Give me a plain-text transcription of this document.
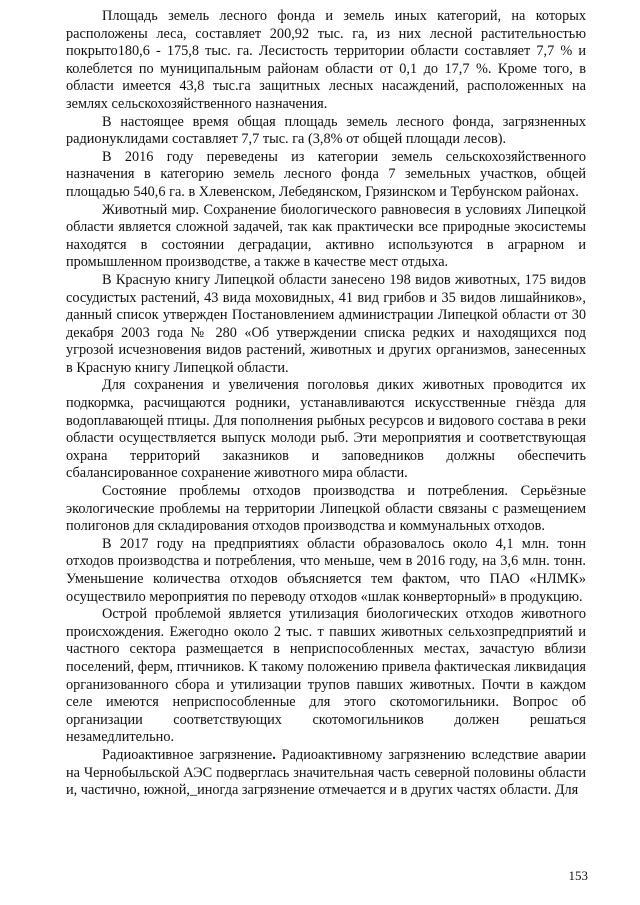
Площадь земель лесного фонда и земель иных категорий, на которых расположены леса, составляет 200,92 тыс. га, из них лесной растительностью покрыто180,6 - 175,8 тыс. га. Лесистость территории области составляет 7,7 % и колеблется по муниципальным районам области от 0,1 до 17,7 %. Кроме того, в области имеется 43,8 тыс.га защитных лесных насаждений, расположенных на землях сельскохозяйственного назначения.

В настоящее время общая площадь земель лесного фонда, загрязненных радионуклидами составляет 7,7 тыс. га (3,8% от общей площади лесов).

В 2016 году переведены из категории земель сельскохозяйственного назначения в категорию земель лесного фонда 7 земельных участков, общей площадью 540,6 га. в Хлевенском, Лебедянском, Грязинском и Тербунском районах.

Животный мир. Сохранение биологического равновесия в условиях Липецкой области является сложной задачей, так как практически все природные экосистемы находятся в состоянии деградации, активно используются в аграрном и промышленном производстве, а также в качестве мест отдыха.

В Красную книгу Липецкой области занесено 198 видов животных, 175 видов сосудистых растений, 43 вида моховидных, 41 вид грибов и 35 видов лишайников», данный список утвержден Постановлением администрации Липецкой области от 30 декабря 2003 года № 280 «Об утверждении списка редких и находящихся под угрозой исчезновения видов растений, животных и других организмов, занесенных в Красную книгу Липецкой области.

Для сохранения и увеличения поголовья диких животных проводится их подкормка, расчищаются родники, устанавливаются искусственные гнёзда для водоплавающей птицы. Для пополнения рыбных ресурсов и видового состава в реки области осуществляется выпуск молоди рыб. Эти мероприятия и соответствующая охрана территорий заказников и заповедников должны обеспечить сбалансированное сохранение животного мира области.

Состояние проблемы отходов производства и потребления. Серьёзные экологические проблемы на территории Липецкой области связаны с размещением полигонов для складирования отходов производства и коммунальных отходов.

В 2017 году на предприятиях области образовалось около 4,1 млн. тонн отходов производства и потребления, что меньше, чем в 2016 году, на 3,6 млн. тонн. Уменьшение количества отходов объясняется тем фактом, что ПАО «НЛМК» осуществило мероприятия по переводу отходов «шлак конверторный» в продукцию.

Острой проблемой является утилизация биологических отходов животного происхождения. Ежегодно около 2 тыс. т павших животных сельхозпредприятий и частного сектора размещается в неприспособленных местах, зачастую вблизи поселений, ферм, птичников. К такому положению привела фактическая ликвидация организованного сбора и утилизации трупов павших животных. Почти в каждом селе имеются неприспособленные для этого скотомогильники. Вопрос об организации соответствующих скотомогильников должен решаться незамедлительно.

Радиоактивное загрязнение. Радиоактивному загрязнению вследствие аварии на Чернобыльской АЭС подверглась значительная часть северной половины области и, частично, южной,_иногда загрязнение отмечается и в других частях области. Для

153
